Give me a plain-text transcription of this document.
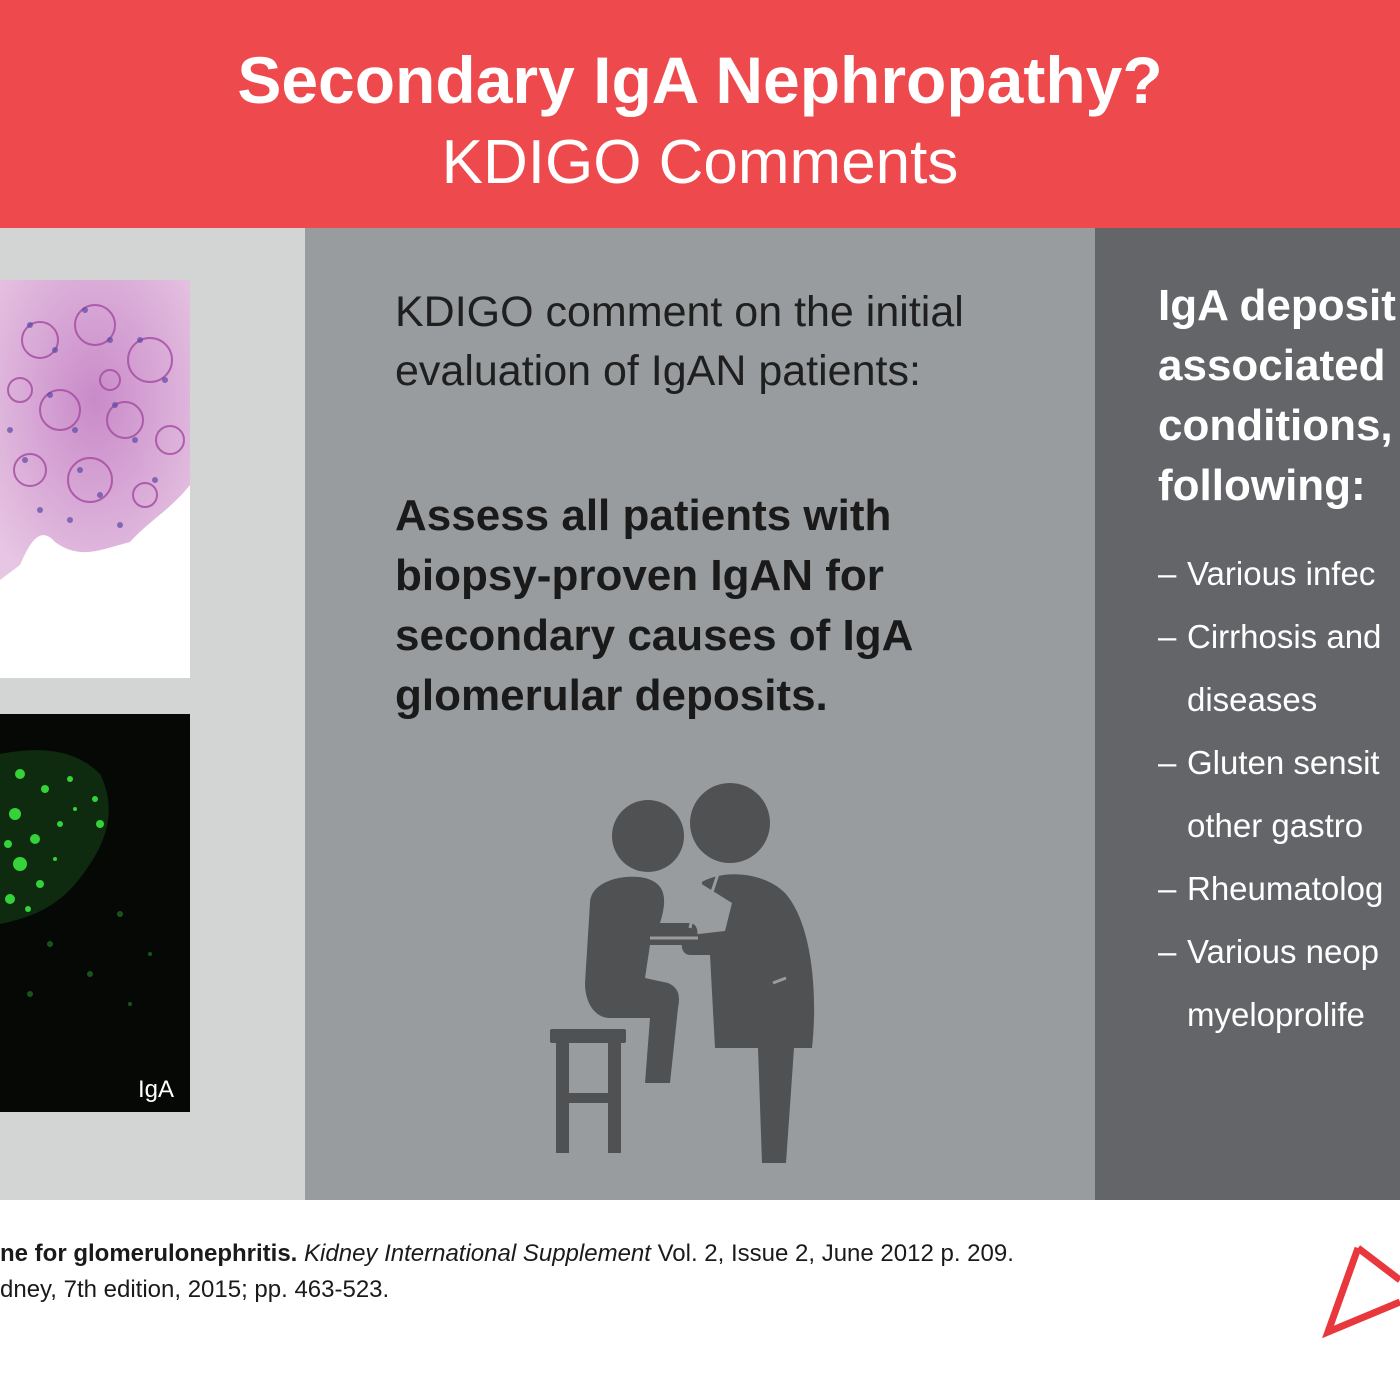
Secondary IgA Nephropathy?
KDIGO Comments
IgA
KDIGO comment on the initial evaluation of IgAN patients:
Assess all patients with biopsy-proven IgAN for secondary causes of IgA glomerular deposits.
IgA deposit
associated
conditions,
following:
– Various infec
– Cirrhosis and
diseases
– Gluten sensit
other gastro
– Rheumatolog
– Various neop
myeloprolife
ne for glomerulonephritis. Kidney International Supplement Vol. 2, Issue 2, June 2012 p. 209.
dney, 7th edition, 2015; pp. 463-523.
